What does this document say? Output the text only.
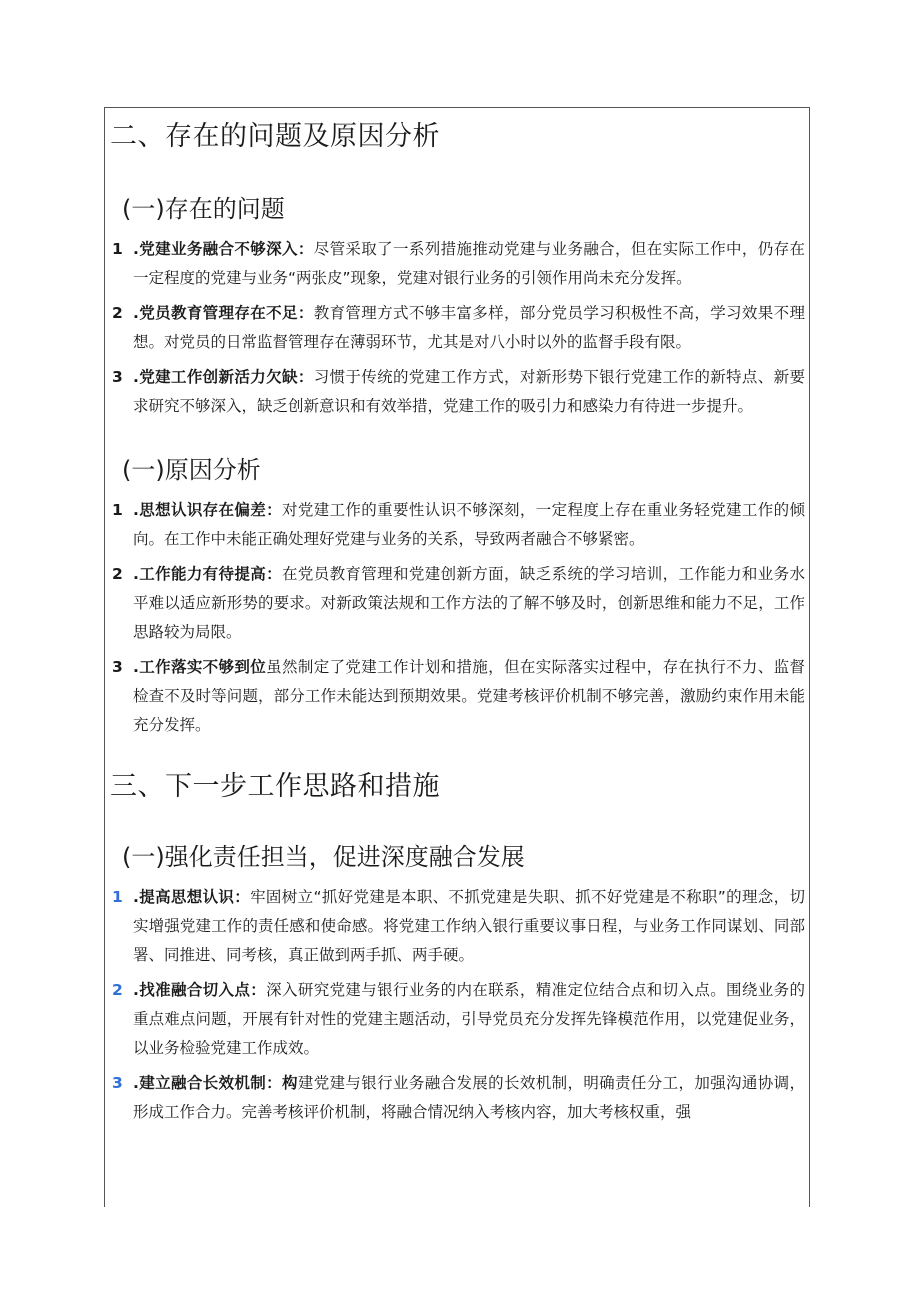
二、存在的问题及原因分析
(一)存在的问题
1 .党建业务融合不够深入：尽管采取了一系列措施推动党建与业务融合，但在实际工作中，仍存在一定程度的党建与业务“两张皮”现象，党建对银行业务的引领作用尚未充分发挥。
2 .党员教育管理存在不足：教育管理方式不够丰富多样，部分党员学习积极性不高，学习效果不理想。对党员的日常监督管理存在薄弱环节，尤其是对八小时以外的监督手段有限。
3 .党建工作创新活力欠缺：习惯于传统的党建工作方式，对新形势下银行党建工作的新特点、新要求研究不够深入，缺乏创新意识和有效举措，党建工作的吸引力和感染力有待进一步提升。
(一)原因分析
1 .思想认识存在偏差：对党建工作的重要性认识不够深刻，一定程度上存在重业务轻党建工作的倾向。在工作中未能正确处理好党建与业务的关系，导致两者融合不够紧密。
2 .工作能力有待提高：在党员教育管理和党建创新方面，缺乏系统的学习培训，工作能力和业务水平难以适应新形势的要求。对新政策法规和工作方法的了解不够及时，创新思维和能力不足，工作思路较为局限。
3 .工作落实不够到位虽然制定了党建工作计划和措施，但在实际落实过程中，存在执行不力、监督检查不及时等问题，部分工作未能达到预期效果。党建考核评价机制不够完善，激励约束作用未能充分发挥。
三、下一步工作思路和措施
(一)强化责任担当，促进深度融合发展
1 .提高思想认识：牢固树立“抓好党建是本职、不抓党建是失职、抓不好党建是不称职”的理念，切实增强党建工作的责任感和使命感。将党建工作纳入银行重要议事日程，与业务工作同谋划、同部署、同推进、同考核，真正做到两手抓、两手硬。
2 .找准融合切入点：深入研究党建与银行业务的内在联系，精准定位结合点和切入点。围绕业务的重点难点问题，开展有针对性的党建主题活动，引导党员充分发挥先锋模范作用，以党建促业务，以业务检验党建工作成效。
3 .建立融合长效机制：构建党建与银行业务融合发展的长效机制，明确责任分工，加强沟通协调，形成工作合力。完善考核评价机制，将融合情况纳入考核内容，加大考核权重，强
